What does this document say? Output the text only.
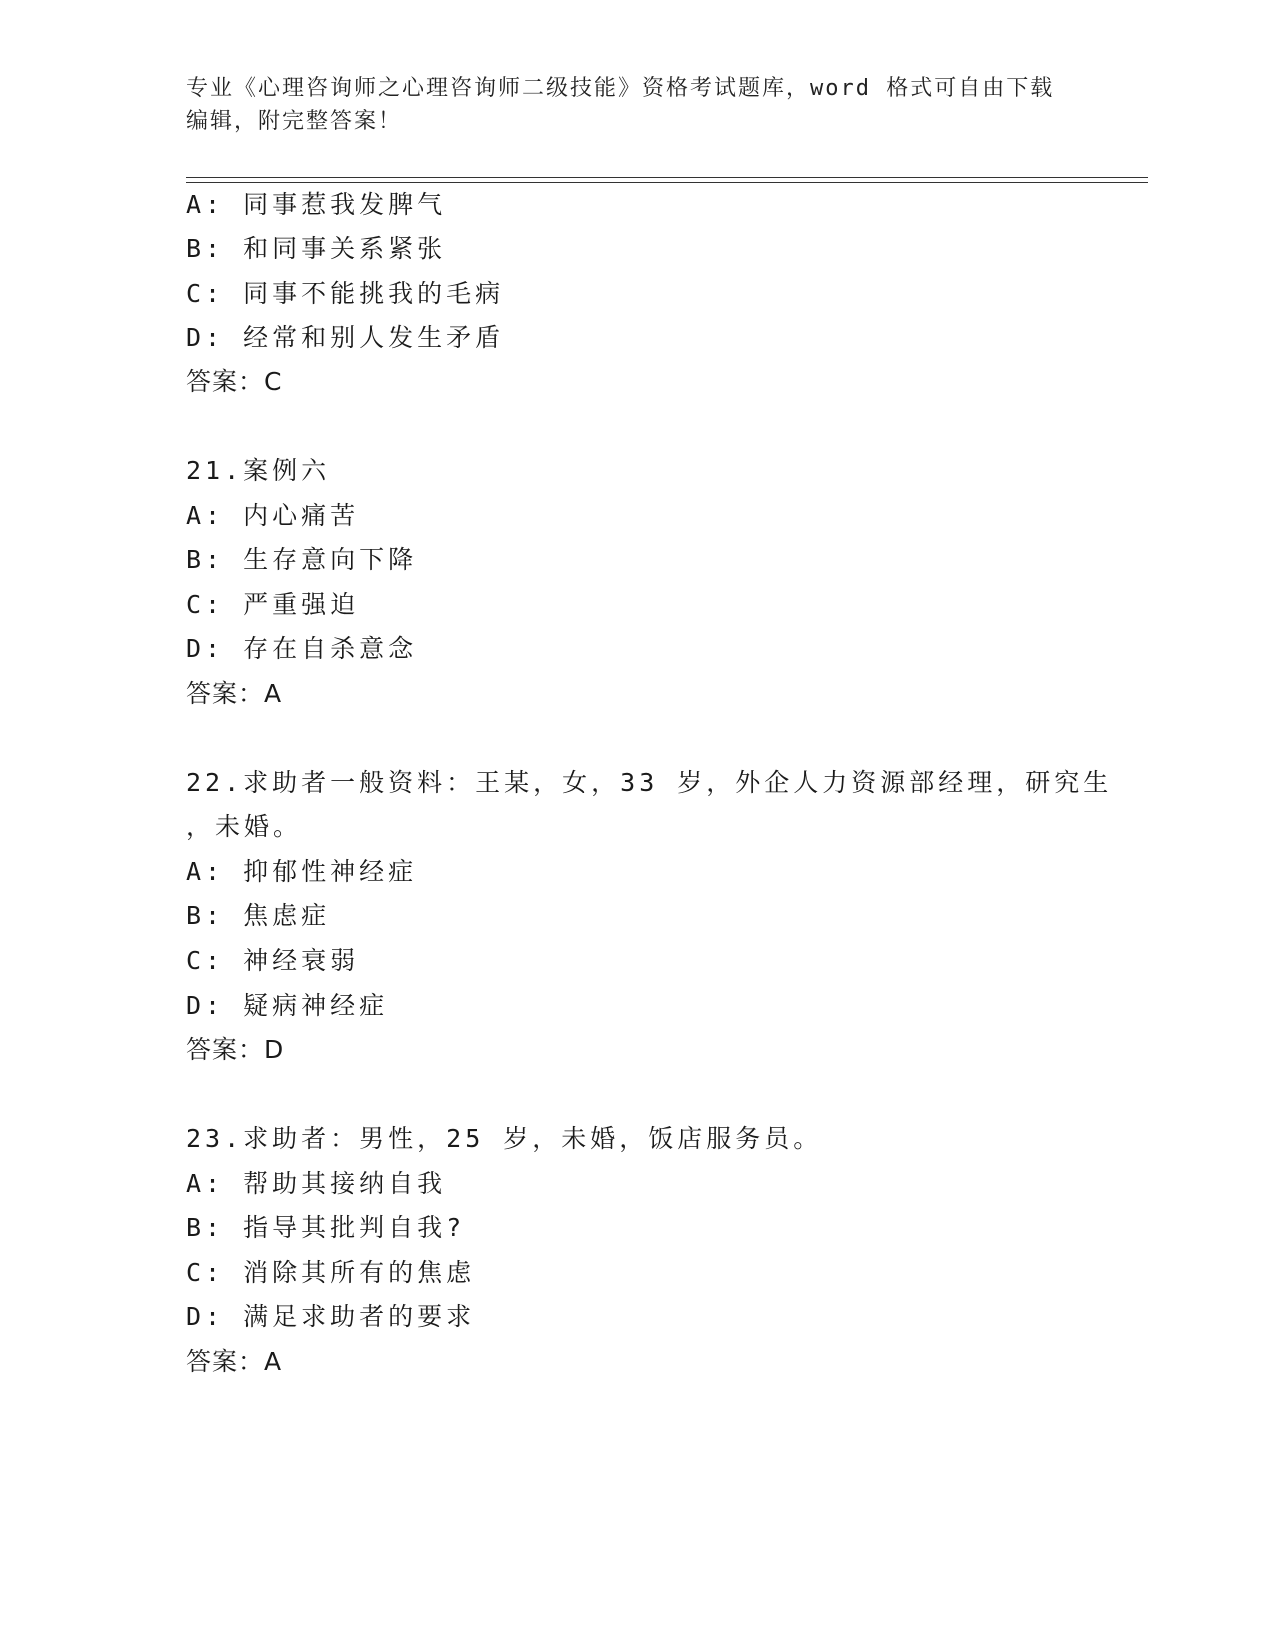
专业《心理咨询师之心理咨询师二级技能》资格考试题库，word 格式可自由下载
编辑，附完整答案！
A: 同事惹我发脾气
B: 和同事关系紧张
C: 同事不能挑我的毛病
D: 经常和别人发生矛盾
答案：C
21.案例六
A: 内心痛苦
B: 生存意向下降
C: 严重强迫
D: 存在自杀意念
答案：A
22.求助者一般资料：王某，女，33 岁，外企人力资源部经理，研究生
，未婚。
A: 抑郁性神经症
B: 焦虑症
C: 神经衰弱
D: 疑病神经症
答案：D
23.求助者：男性，25 岁，未婚，饭店服务员。
A: 帮助其接纳自我
B: 指导其批判自我?
C: 消除其所有的焦虑
D: 满足求助者的要求
答案：A
